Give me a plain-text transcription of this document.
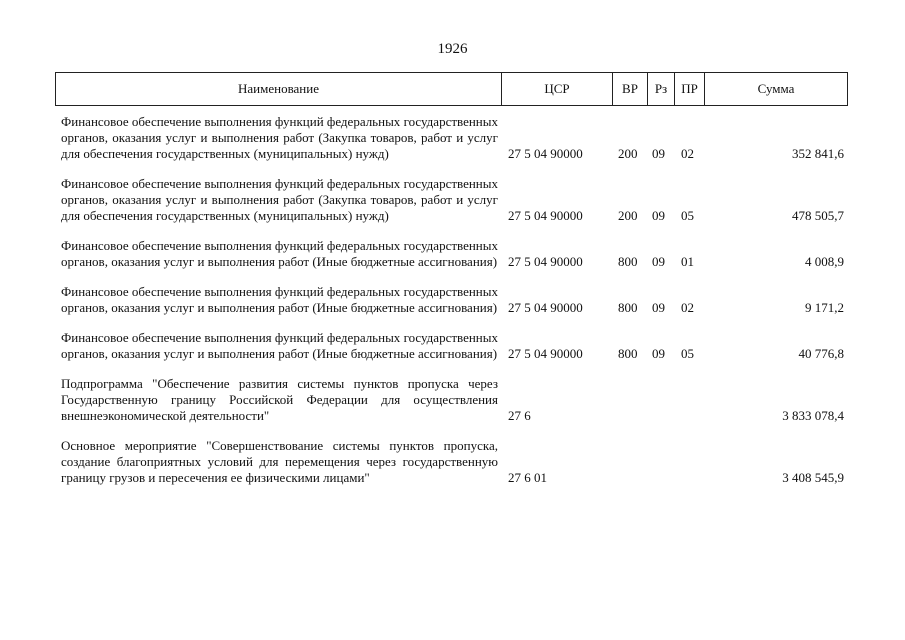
1926
Наименование	ЦСР	ВР	Рз	ПР	Сумма
Финансовое обеспечение выполнения функций федеральных государственных органов, оказания услуг и выполнения работ (Закупка товаров, работ и услуг для обеспечения государственных (муниципальных) нужд)	27 5 04 90000	200 09 02	352 841,6
Финансовое обеспечение выполнения функций федеральных государственных органов, оказания услуг и выполнения работ (Закупка товаров, работ и услуг для обеспечения государственных (муниципальных) нужд)	27 5 04 90000	200 09 05	478 505,7
Финансовое обеспечение выполнения функций федеральных государственных органов, оказания услуг и выполнения работ (Иные бюджетные ассигнования) 27 5 04 90000	800 09 01	4 008,9
Финансовое обеспечение выполнения функций федеральных государственных органов, оказания услуг и выполнения работ (Иные бюджетные ассигнования) 27 5 04 90000	800 09 02	9 171,2
Финансовое обеспечение выполнения функций федеральных государственных органов, оказания услуг и выполнения работ (Иные бюджетные ассигнования) 27 5 04 90000	800 09 05	40 776,8
Подпрограмма "Обеспечение развития системы пунктов пропуска через Государственную границу Российской Федерации для осуществления внешнеэкономической деятельности"	27 6	3 833 078,4
Основное мероприятие "Совершенствование системы пунктов пропуска, создание благоприятных условий для перемещения через государственную границу грузов и пересечения ее физическими лицами"	27 6 01	3 408 545,9
